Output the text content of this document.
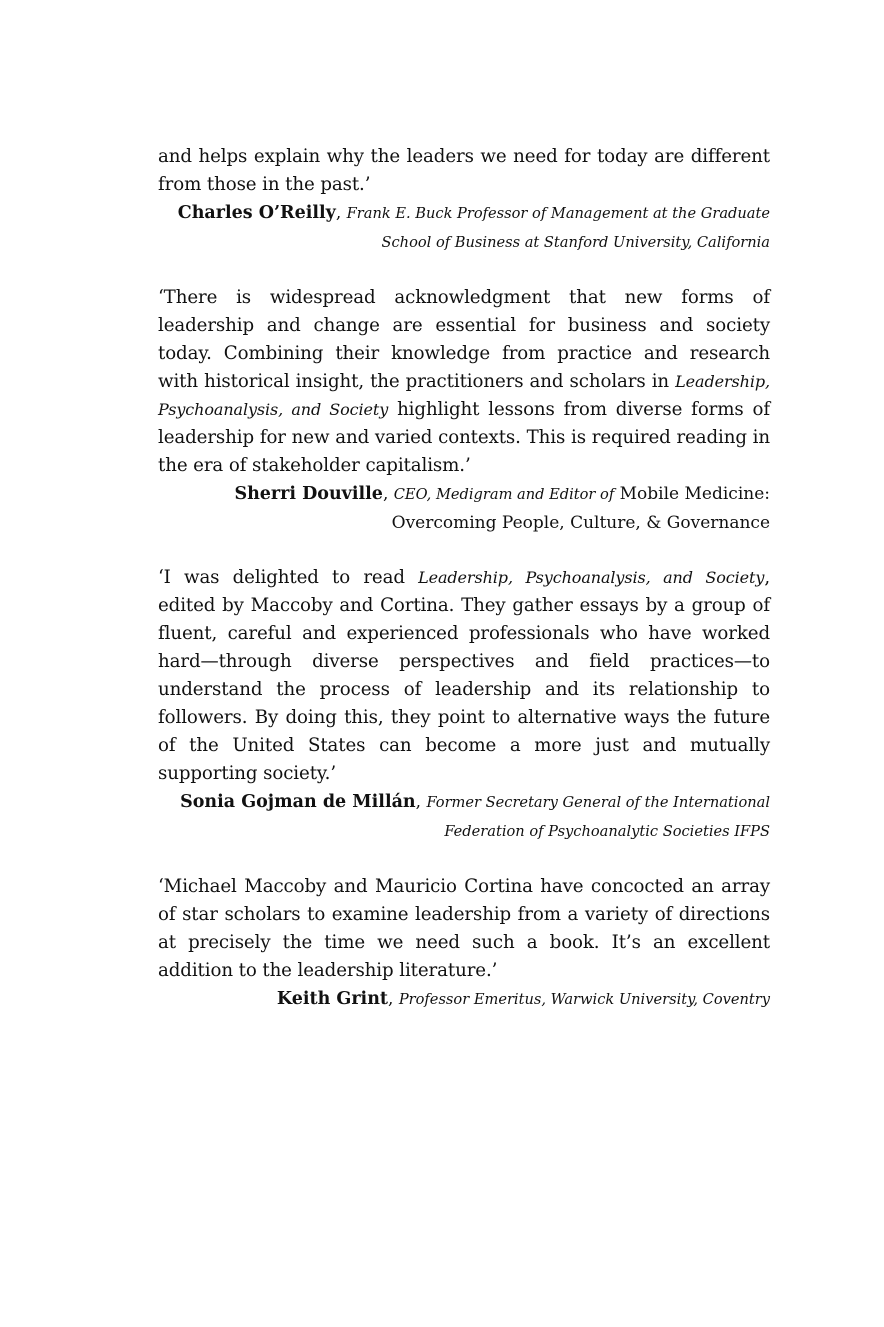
and helps explain why the leaders we need for today are different from those in the past.’

Charles O’Reilly, Frank E. Buck Professor of Management at the Graduate School of Business at Stanford University, California

‘There is widespread acknowledgment that new forms of leadership and change are essential for business and society today. Combining their knowledge from practice and research with historical insight, the practitioners and scholars in Leadership, Psychoanalysis, and Society highlight lessons from diverse forms of leadership for new and varied contexts. This is required reading in the era of stakeholder capitalism.’

Sherri Douville, CEO, Medigram and Editor of Mobile Medicine: Overcoming People, Culture, & Governance

‘I was delighted to read Leadership, Psychoanalysis, and Society, edited by Maccoby and Cortina. They gather essays by a group of fluent, careful and experienced professionals who have worked hard—through diverse perspectives and field practices—to understand the process of leadership and its relationship to followers. By doing this, they point to alternative ways the future of the United States can become a more just and mutually supporting society.’

Sonia Gojman de Millán, Former Secretary General of the International Federation of Psychoanalytic Societies IFPS

‘Michael Maccoby and Mauricio Cortina have concocted an array of star scholars to examine leadership from a variety of directions at precisely the time we need such a book. It’s an excellent addition to the leadership literature.’

Keith Grint, Professor Emeritus, Warwick University, Coventry
